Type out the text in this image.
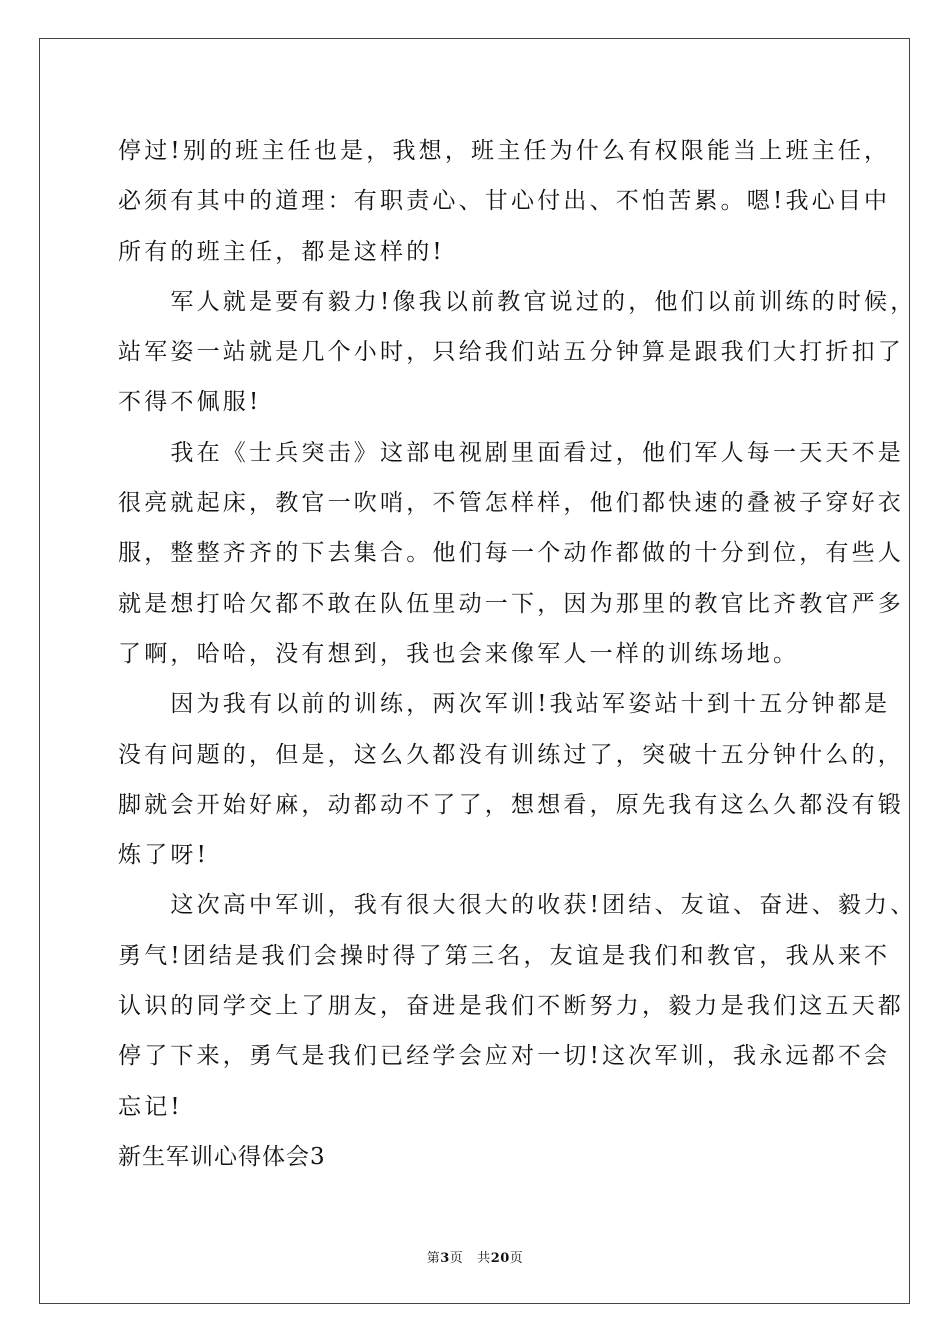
停过!别的班主任也是，我想，班主任为什么有权限能当上班主任，
必须有其中的道理：有职责心、甘心付出、不怕苦累。嗯!我心目中
所有的班主任，都是这样的!
　　军人就是要有毅力!像我以前教官说过的，他们以前训练的时候，
站军姿一站就是几个小时，只给我们站五分钟算是跟我们大打折扣了
不得不佩服!
　　我在《士兵突击》这部电视剧里面看过，他们军人每一天天不是
很亮就起床，教官一吹哨，不管怎样样，他们都快速的叠被子穿好衣
服，整整齐齐的下去集合。他们每一个动作都做的十分到位，有些人
就是想打哈欠都不敢在队伍里动一下，因为那里的教官比齐教官严多
了啊，哈哈，没有想到，我也会来像军人一样的训练场地。
　　因为我有以前的训练，两次军训!我站军姿站十到十五分钟都是
没有问题的，但是，这么久都没有训练过了，突破十五分钟什么的，
脚就会开始好麻，动都动不了了，想想看，原先我有这么久都没有锻
炼了呀!
　　这次高中军训，我有很大很大的收获!团结、友谊、奋进、毅力、
勇气!团结是我们会操时得了第三名，友谊是我们和教官，我从来不
认识的同学交上了朋友，奋进是我们不断努力，毅力是我们这五天都
停了下来，勇气是我们已经学会应对一切!这次军训，我永远都不会
忘记!
新生军训心得体会3
第3页 共20页
